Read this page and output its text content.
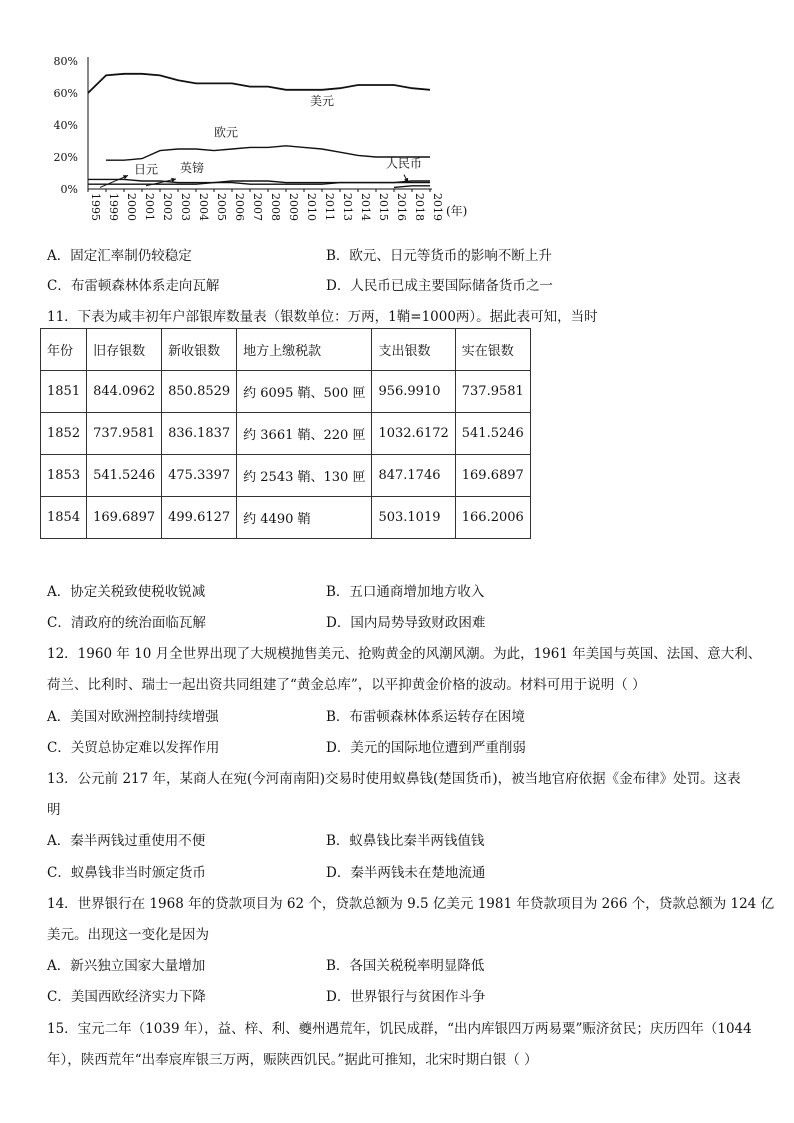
0%
20%
40%
60%
80%
1995 1999 2000 2001 2002 2003 2004 2005 2006 2007 2008 2009 2010 2011 2013 2014 2015 2016 2018 2019 (年)
美元
欧元
日元 英镑	人民币
A．固定汇率制仍较稳定	B．欧元、日元等货币的影响不断上升
C．布雷顿森林体系走向瓦解	D．人民币已成主要国际储备货币之一
11．下表为咸丰初年户部银库数量表（银数单位：万两，1鞘=1000两）。据此表可知，当时
年份	旧存银数	新收银数	地方上缴税款	支出银数	实在银数
1851	844.0962	850.8529	约 6095 鞘、500 匣	956.9910	737.9581
1852	737.9581	836.1837	约 3661 鞘、220 匣	1032.6172	541.5246
1853	541.5246	475.3397	约 2543 鞘、130 匣	847.1746	169.6897
1854	169.6897	499.6127	约 4490 鞘	503.1019	166.2006
A．协定关税致使税收锐减	B．五口通商增加地方收入
C．清政府的统治面临瓦解	D．国内局势导致财政困难
12．1960 年 10 月全世界出现了大规模抛售美元、抢购黄金的风潮风潮。为此，1961 年美国与英国、法国、意大利、
荷兰、比利时、瑞士一起出资共同组建了“黄金总库”，以平抑黄金价格的波动。材料可用于说明（ ）
A．美国对欧洲控制持续增强	B．布雷顿森林体系运转存在困境
C．关贸总协定难以发挥作用	D．美元的国际地位遭到严重削弱
13．公元前 217 年，某商人在宛(今河南南阳)交易时使用蚁鼻钱(楚国货币)，被当地官府依据《金布律》处罚。这表
明
A．秦半两钱过重使用不便	B．蚁鼻钱比秦半两钱值钱
C．蚁鼻钱非当时颁定货币	D．秦半两钱未在楚地流通
14．世界银行在 1968 年的贷款项目为 62 个，贷款总额为 9.5 亿美元 1981 年贷款项目为 266 个，贷款总额为 124 亿
美元。出现这一变化是因为
A．新兴独立国家大量增加	B．各国关税税率明显降低
C．美国西欧经济实力下降	D．世界银行与贫困作斗争
15．宝元二年（1039 年），益、梓、利、夔州遇荒年，饥民成群，“出内库银四万两易粟”赈济贫民；庆历四年（1044
年），陕西荒年“出奉宸库银三万两，赈陕西饥民。”据此可推知，北宋时期白银（ ）
